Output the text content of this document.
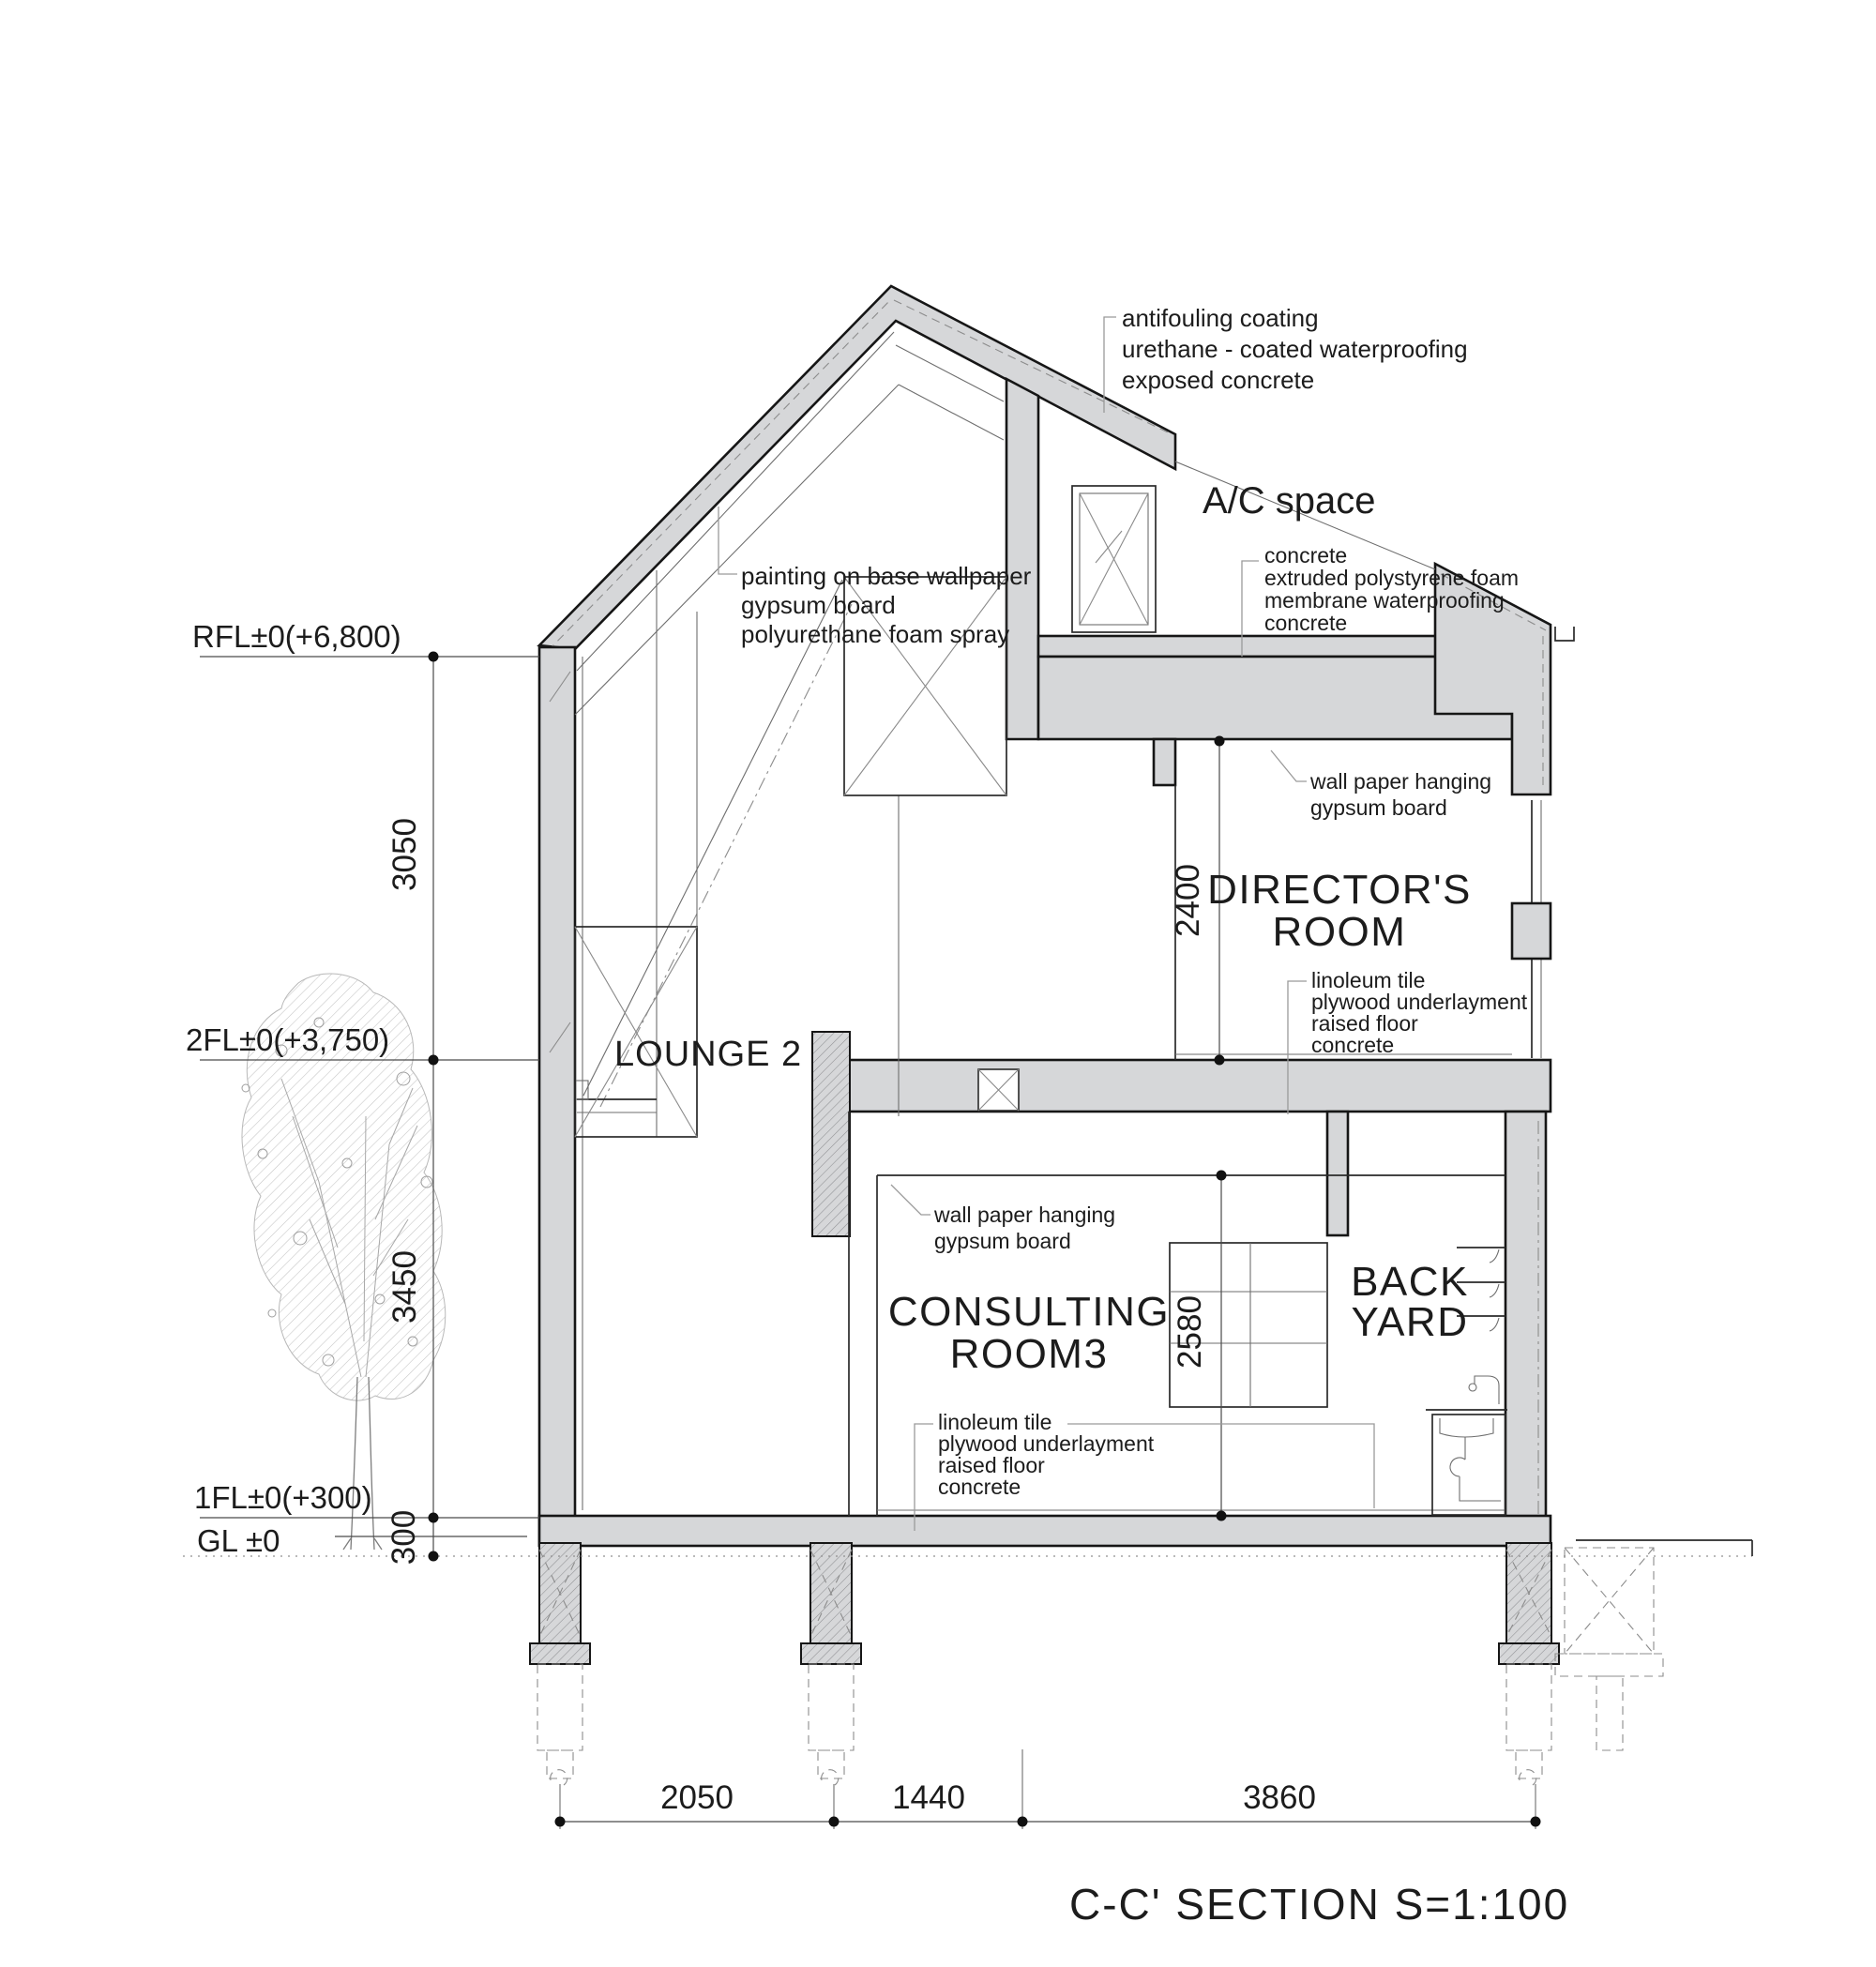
RFL±0(+6,800)
2FL±0(+3,750)
1FL±0(+300)
GL ±0
3050
3450
300
2400
2580
A/C space
LOUNGE 2
DIRECTOR'S
ROOM
CONSULTING
ROOM3
BACK
YARD
antifouling coating
urethane - coated waterproofing
exposed concrete
painting on base wallpaper
gypsum board
polyurethane foam spray
concrete
extruded polystyrene foam
membrane waterproofing
concrete
wall paper hanging
gypsum board
wall paper hanging
gypsum board
linoleum tile
plywood underlayment
raised floor
concrete
linoleum tile
plywood underlayment
raised floor
concrete
2050	1440	3860
C-C' SECTION S=1:100
